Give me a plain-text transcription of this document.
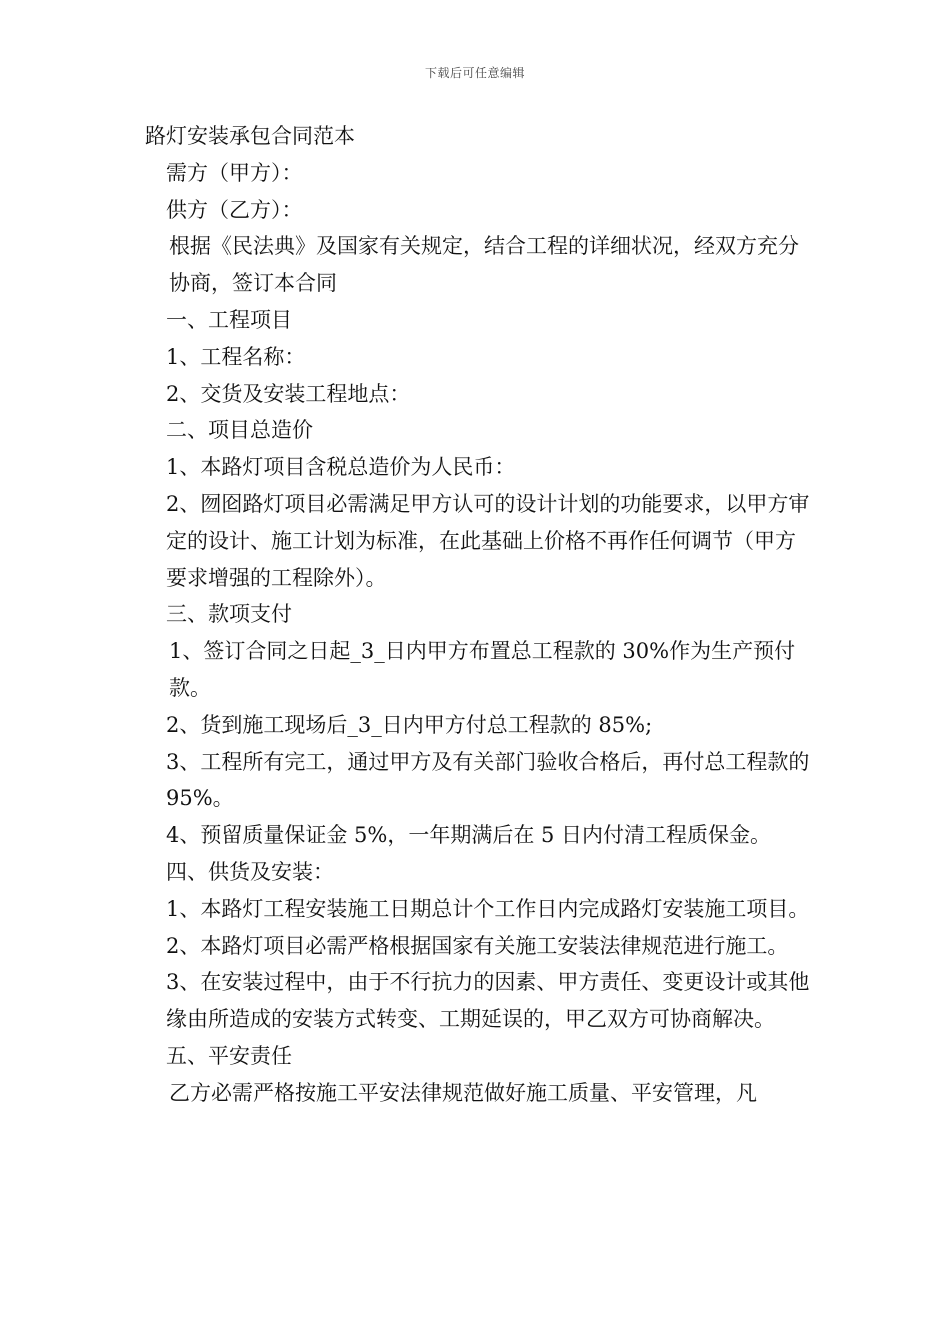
下载后可任意编辑

路灯安装承包合同范本

需方（甲方）：

供方（乙方）：

根据《民法典》及国家有关规定，结合工程的详细状况，经双方充分协商，签订本合同

一、工程项目

1、工程名称：

2、交货及安装工程地点：

二、项目总造价

1、本路灯项目含税总造价为人民币：

2、囫囵路灯项目必需满足甲方认可的设计计划的功能要求，以甲方审定的设计、施工计划为标准，在此基础上价格不再作任何调节（甲方要求增强的工程除外）。

三、款项支付

1、签订合同之日起_3_日内甲方布置总工程款的 30%作为生产预付款。

2、货到施工现场后_3_日内甲方付总工程款的 85%;

3、工程所有完工，通过甲方及有关部门验收合格后，再付总工程款的 95%。

4、预留质量保证金 5%，一年期满后在 5 日内付清工程质保金。

四、供货及安装：

1、本路灯工程安装施工日期总计个工作日内完成路灯安装施工项目。

2、本路灯项目必需严格根据国家有关施工安装法律规范进行施工。

3、在安装过程中，由于不行抗力的因素、甲方责任、变更设计或其他缘由所造成的安装方式转变、工期延误的，甲乙双方可协商解决。

五、平安责任

乙方必需严格按施工平安法律规范做好施工质量、平安管理，凡
